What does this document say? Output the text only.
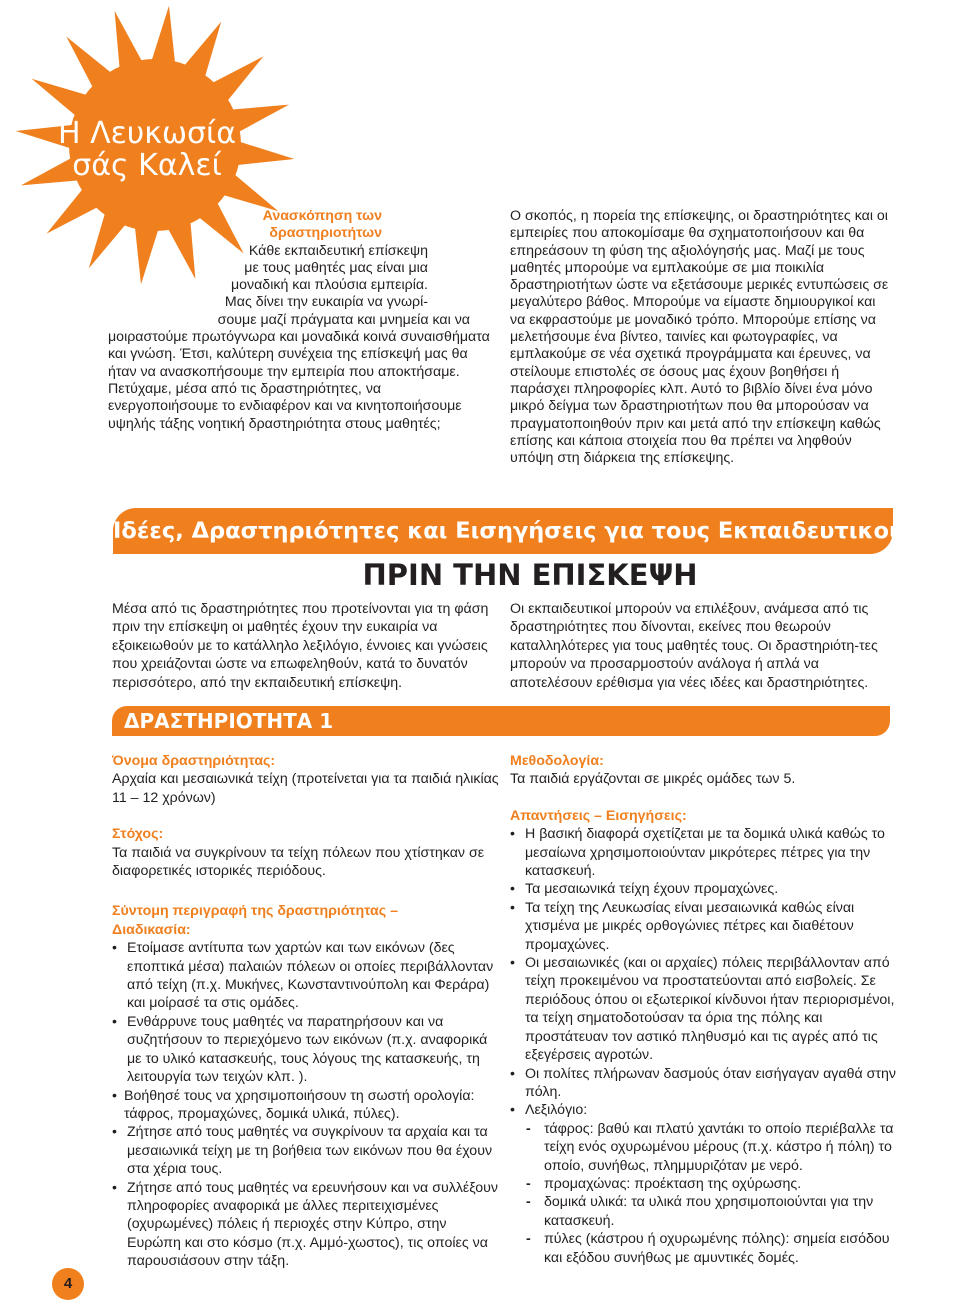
Η Λευκωσία
σάς Καλεί
Ανασκόπηση των
δραστηριοτήτων
Κάθε εκπαιδευτική επίσκεψη
με τους μαθητές μας είναι μια
μοναδική και πλούσια εμπειρία.
Μας δίνει την ευκαιρία να γνωρί-
σουμε μαζί πράγματα και μνημεία και να
μοιραστούμε πρωτόγνωρα και μοναδικά κοινά συναισθήματα και γνώση. Έτσι, καλύτερη συνέχεια της επίσκεψή μας θα ήταν να ανασκοπήσουμε την εμπειρία που αποκτήσαμε. Πετύχαμε, μέσα από τις δραστηριότητες, να ενεργοποιήσουμε το ενδιαφέρον και να κινητοποιήσουμε υψηλής τάξης νοητική δραστηριότητα στους μαθητές;
Ο σκοπός, η πορεία της επίσκεψης, οι δραστηριότητες και οι εμπειρίες που αποκομίσαμε θα σχηματοποιήσουν και θα επηρεάσουν τη φύση της αξιολόγησής μας. Μαζί με τους μαθητές μπορούμε να εμπλακούμε σε μια ποικιλία δραστηριοτήτων ώστε να εξετάσουμε μερικές εντυπώσεις σε μεγαλύτερο βάθος. Μπορούμε να είμαστε δημιουργικοί και να εκφραστούμε με μοναδικό τρόπο. Μπορούμε επίσης να μελετήσουμε ένα βίντεο, ταινίες και φωτογραφίες, να εμπλακούμε σε νέα σχετικά προγράμματα και έρευνες, να στείλουμε επιστολές σε όσους μας έχουν βοηθήσει ή παράσχει πληροφορίες κλπ. Αυτό το βιβλίο δίνει ένα μόνο μικρό δείγμα των δραστηριοτήτων που θα μπορούσαν να πραγματοποιηθούν πριν και μετά από την επίσκεψη καθώς επίσης και κάποια στοιχεία που θα πρέπει να ληφθούν υπόψη στη διάρκεια της επίσκεψης.
Ιδέες, Δραστηριότητες και Εισηγήσεις για τους Εκπαιδευτικούς
ΠΡΙΝ ΤΗΝ ΕΠΙΣΚΕΨΗ
Μέσα από τις δραστηριότητες που προτείνονται για τη φάση πριν την επίσκεψη οι μαθητές έχουν την ευκαιρία να εξοικειωθούν με το κατάλληλο λεξιλόγιο, έννοιες και γνώσεις που χρειάζονται ώστε να επωφεληθούν, κατά το δυνατόν περισσότερο, από την εκπαιδευτική επίσκεψη.
Οι εκπαιδευτικοί μπορούν να επιλέξουν, ανάμεσα από τις δραστηριότητες που δίνονται, εκείνες που θεωρούν καταλληλότερες για τους μαθητές τους. Οι δραστηριότη-τες μπορούν να προσαρμοστούν ανάλογα ή απλά να αποτελέσουν ερέθισμα για νέες ιδέες και δραστηριότητες.
ΔΡΑΣΤΗΡΙΟΤΗΤΑ 1
Όνομα δραστηριότητας:
Αρχαία και μεσαιωνικά τείχη (προτείνεται για τα παιδιά ηλικίας 11 – 12 χρόνων)
Στόχος:
Τα παιδιά να συγκρίνουν τα τείχη πόλεων που χτίστηκαν σε διαφορετικές ιστορικές περιόδους.
Σύντομη περιγραφή της δραστηριότητας –
Διαδικασία:
• Ετοίμασε αντίτυπα των χαρτών και των εικόνων (δες εποπτικά μέσα) παλαιών πόλεων οι οποίες περιβάλλονταν από τείχη (π.χ. Μυκήνες, Κωνσταντινούπολη και Φεράρα) και μοίρασέ τα στις ομάδες.
• Ενθάρρυνε τους μαθητές να παρατηρήσουν και να συζητήσουν το περιεχόμενο των εικόνων (π.χ. αναφορικά με το υλικό κατασκευής, τους λόγους της κατασκευής, τη λειτουργία των τειχών κλπ. ).
• Βοήθησέ τους να χρησιμοποιήσουν τη σωστή ορολογία: τάφρος, προμαχώνες, δομικά υλικά, πύλες).
• Ζήτησε από τους μαθητές να συγκρίνουν τα αρχαία και τα μεσαιωνικά τείχη με τη βοήθεια των εικόνων που θα έχουν στα χέρια τους.
• Ζήτησε από τους μαθητές να ερευνήσουν και να συλλέξουν πληροφορίες αναφορικά με άλλες περιτειχισμένες (οχυρωμένες) πόλεις ή περιοχές στην Κύπρο, στην Ευρώπη και στο κόσμο (π.χ. Αμμό-χωστος), τις οποίες να παρουσιάσουν στην τάξη.
Μεθοδολογία:
Τα παιδιά εργάζονται σε μικρές ομάδες των 5.
Απαντήσεις – Εισηγήσεις:
• Η βασική διαφορά σχετίζεται με τα δομικά υλικά καθώς το μεσαίωνα χρησιμοποιούνταν μικρότερες πέτρες για την κατασκευή.
• Τα μεσαιωνικά τείχη έχουν προμαχώνες.
• Τα τείχη της Λευκωσίας είναι μεσαιωνικά καθώς είναι χτισμένα με μικρές ορθογώνιες πέτρες και διαθέτουν προμαχώνες.
• Οι μεσαιωνικές (και οι αρχαίες) πόλεις περιβάλλονταν από τείχη προκειμένου να προστατεύονται από εισβολείς. Σε περιόδους όπου οι εξωτερικοί κίνδυνοι ήταν περιορισμένοι, τα τείχη σηματοδοτούσαν τα όρια της πόλης και προστάτευαν τον αστικό πληθυσμό και τις αγρές από τις εξεγέρσεις αγροτών.
• Οι πολίτες πλήρωναν δασμούς όταν εισήγαγαν αγαθά στην πόλη.
• Λεξιλόγιο:
- τάφρος: βαθύ και πλατύ χαντάκι το οποίο περιέβαλλε τα τείχη ενός οχυρωμένου μέρους (π.χ. κάστρο ή πόλη) το οποίο, συνήθως, πλημμυριζόταν με νερό.
- προμαχώνας: προέκταση της οχύρωσης.
- δομικά υλικά: τα υλικά που χρησιμοποιούνται για την κατασκευή.
- πύλες (κάστρου ή οχυρωμένης πόλης): σημεία εισόδου και εξόδου συνήθως με αμυντικές δομές.
4
